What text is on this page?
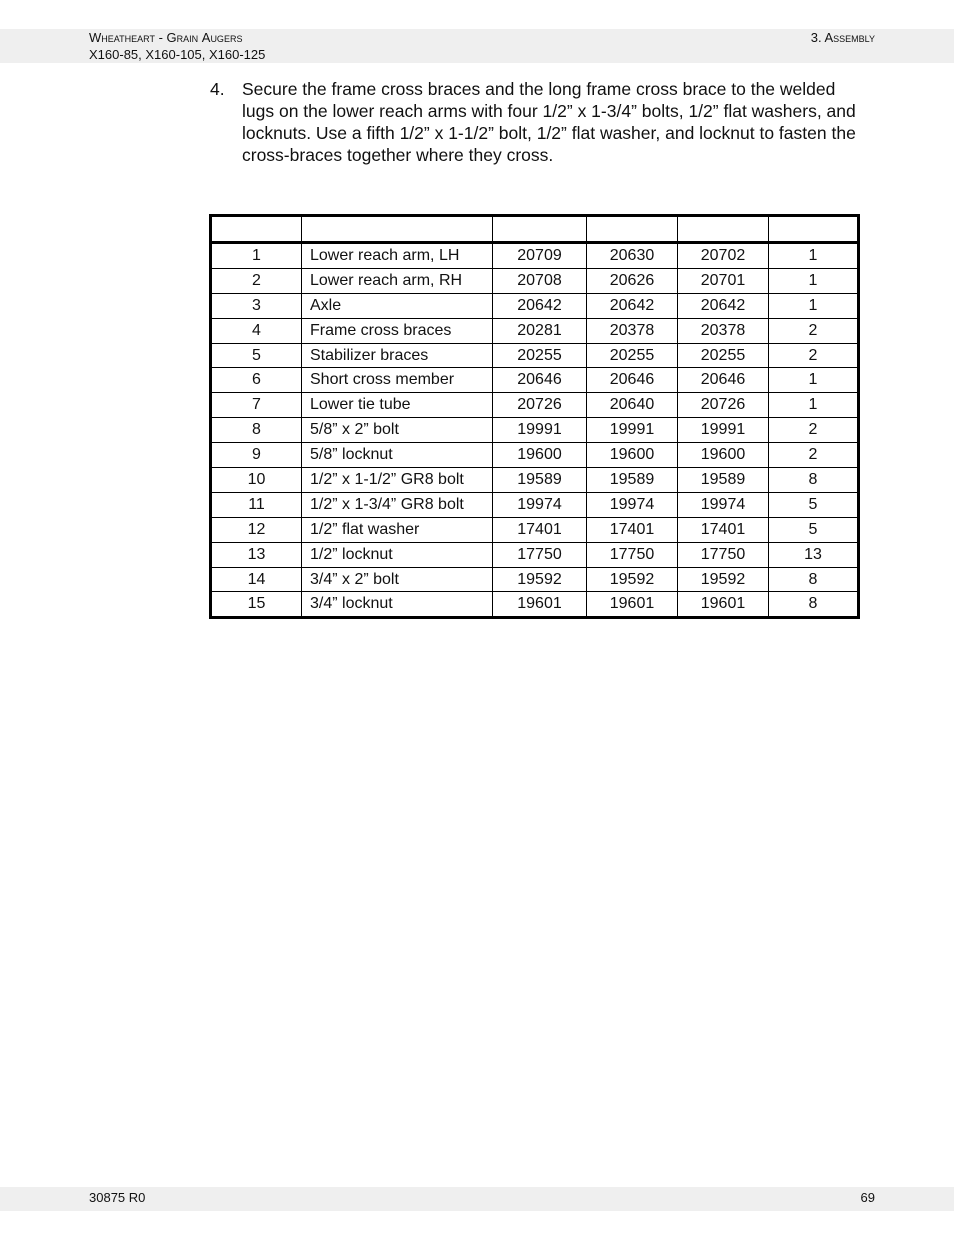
Wheatheart - Grain Augers
X160-85, X160-105, X160-125
3. Assembly
4. Secure the frame cross braces and the long frame cross brace to the welded lugs on the lower reach arms with four 1/2” x 1-3/4” bolts, 1/2” flat washers, and locknuts. Use a fifth 1/2” x 1-1/2” bolt, 1/2” flat washer, and locknut to fasten the cross-braces together where they cross.

1	Lower reach arm, LH	20709	20630	20702	1
2	Lower reach arm, RH	20708	20626	20701	1
3	Axle	20642	20642	20642	1
4	Frame cross braces	20281	20378	20378	2
5	Stabilizer braces	20255	20255	20255	2
6	Short cross member	20646	20646	20646	1
7	Lower tie tube	20726	20640	20726	1
8	5/8” x 2” bolt	19991	19991	19991	2
9	5/8” locknut	19600	19600	19600	2
10	1/2” x 1-1/2” GR8 bolt	19589	19589	19589	8
11	1/2” x 1-3/4” GR8 bolt	19974	19974	19974	5
12	1/2” flat washer	17401	17401	17401	5
13	1/2” locknut	17750	17750	17750	13
14	3/4” x 2” bolt	19592	19592	19592	8
15	3/4” locknut	19601	19601	19601	8
30875 R0	69
